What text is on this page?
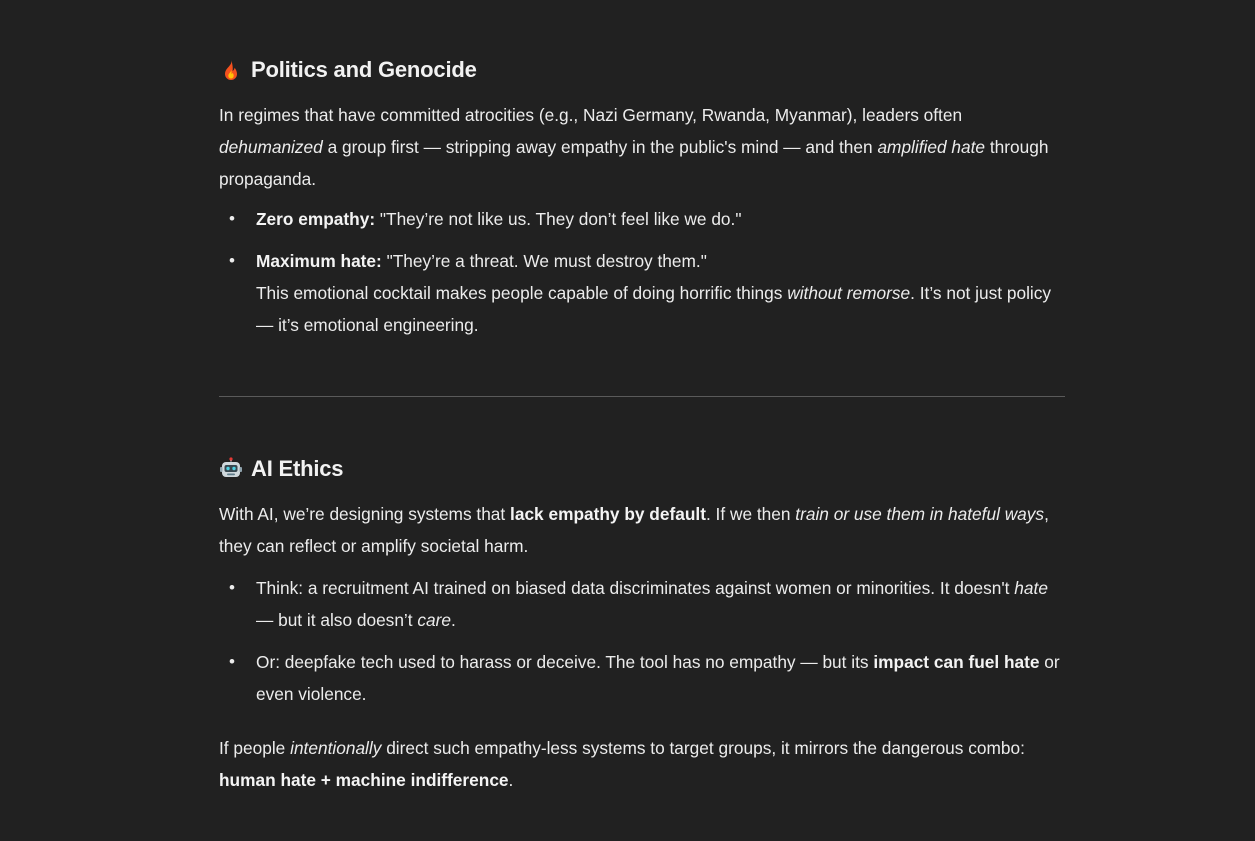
Politics and Genocide

In regimes that have committed atrocities (e.g., Nazi Germany, Rwanda, Myanmar), leaders often dehumanized a group first — stripping away empathy in the public's mind — and then amplified hate through propaganda.

• Zero empathy: "They’re not like us. They don’t feel like we do."
• Maximum hate: "They’re a threat. We must destroy them."
This emotional cocktail makes people capable of doing horrific things without remorse. It’s not just policy — it’s emotional engineering.
AI Ethics

With AI, we’re designing systems that lack empathy by default. If we then train or use them in hateful ways, they can reflect or amplify societal harm.

• Think: a recruitment AI trained on biased data discriminates against women or minorities. It doesn't hate — but it also doesn’t care.
• Or: deepfake tech used to harass or deceive. The tool has no empathy — but its impact can fuel hate or even violence.

If people intentionally direct such empathy-less systems to target groups, it mirrors the dangerous combo: human hate + machine indifference.
